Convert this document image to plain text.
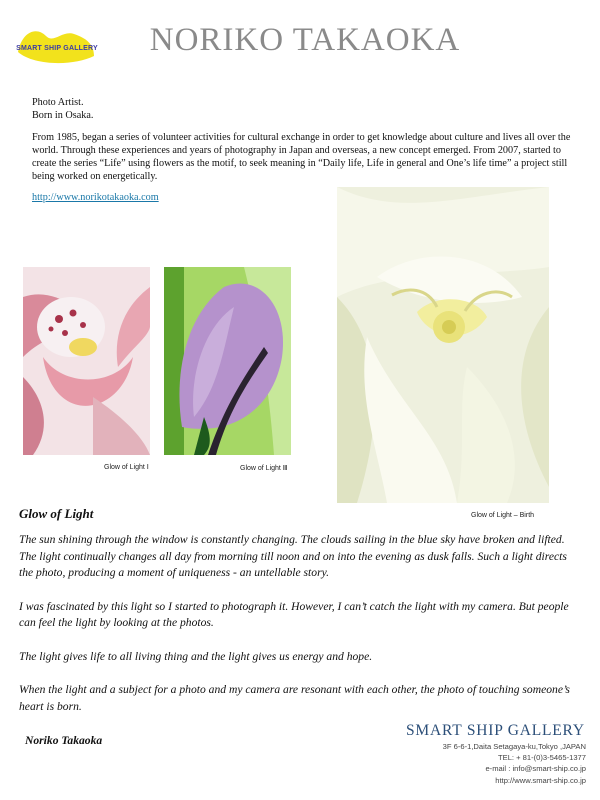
SMART SHIP GALLERY	NORIKO TAKAOKA

Photo Artist.

Born in Osaka.

From 1985, began a series of volunteer activities for cultural exchange in order to get knowledge about culture and lives all over the world. Through these experiences and years of photography in Japan and overseas, a new concept emerged. From 2007, started to create the series “Life” using flowers as the motif, to seek meaning in “Daily life, Life in general and One’s life time” a project still being worked on energetically.

http://www.norikotakaoka.com
Glow of Light Ⅰ	Glow of Light Ⅲ
Glow of Light – Birth
Glow of Light

The sun shining through the window is constantly changing. The clouds sailing in the blue sky have broken and lifted. The light continually changes all day from morning till noon and on into the evening as dusk falls. Such a light directs the photo, producing a moment of uniqueness - an untellable story.

I was fascinated by this light so I started to photograph it. However, I can’t catch the light with my camera. But people can feel the light by looking at the photos.

The light gives life to all living thing and the light gives us energy and hope.

When the light and a subject for a photo and my camera are resonant with each other, the photo of touching someone’s heart is born.

Noriko Takaoka
SMART SHIP GALLERY
3F 6-6-1,Daita Setagaya-ku,Tokyo ,JAPAN
TEL: + 81-(0)3-5465-1377
e-mail : info@smart-ship.co.jp
http://www.smart-ship.co.jp
